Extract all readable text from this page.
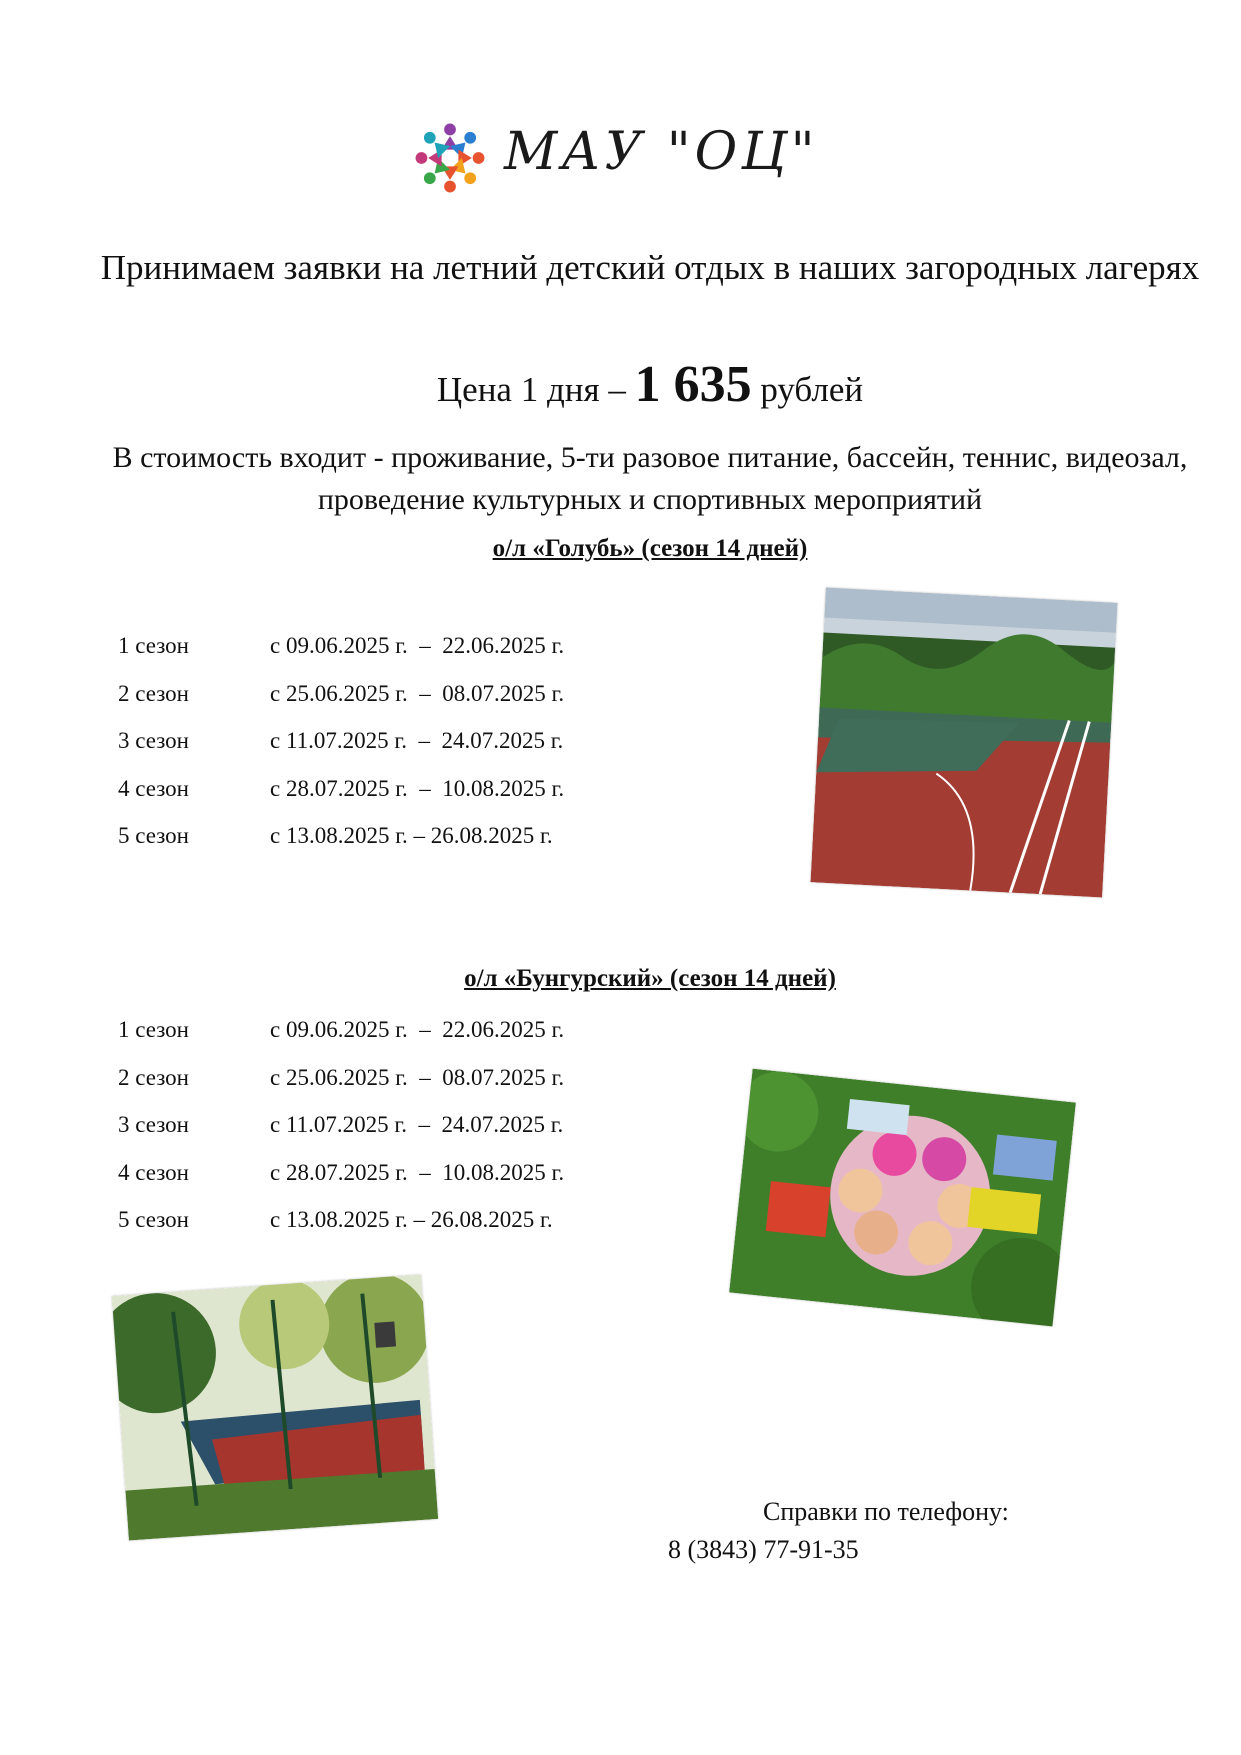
МАУ "ОЦ"
Принимаем заявки на летний детский отдых в наших загородных лагерях
Цена 1 дня – 1 635 рублей
В стоимость входит - проживание, 5-ти разовое питание, бассейн, теннис, видеозал, проведение культурных и спортивных мероприятий
о/л «Голубь» (сезон 14 дней)
1 сезон	с 09.06.2025 г.  –  22.06.2025 г.
2 сезон	с 25.06.2025 г.  –  08.07.2025 г.
3 сезон	с 11.07.2025 г.  –  24.07.2025 г.
4 сезон	с 28.07.2025 г.  –  10.08.2025 г.
5 сезон	с 13.08.2025 г. – 26.08.2025 г.
о/л «Бунгурский» (сезон 14 дней)
1 сезон	с 09.06.2025 г.  –  22.06.2025 г.
2 сезон	с 25.06.2025 г.  –  08.07.2025 г.
3 сезон	с 11.07.2025 г.  –  24.07.2025 г.
4 сезон	с 28.07.2025 г.  –  10.08.2025 г.
5 сезон	с 13.08.2025 г. – 26.08.2025 г.
Справки по телефону:
8 (3843) 77-91-35
